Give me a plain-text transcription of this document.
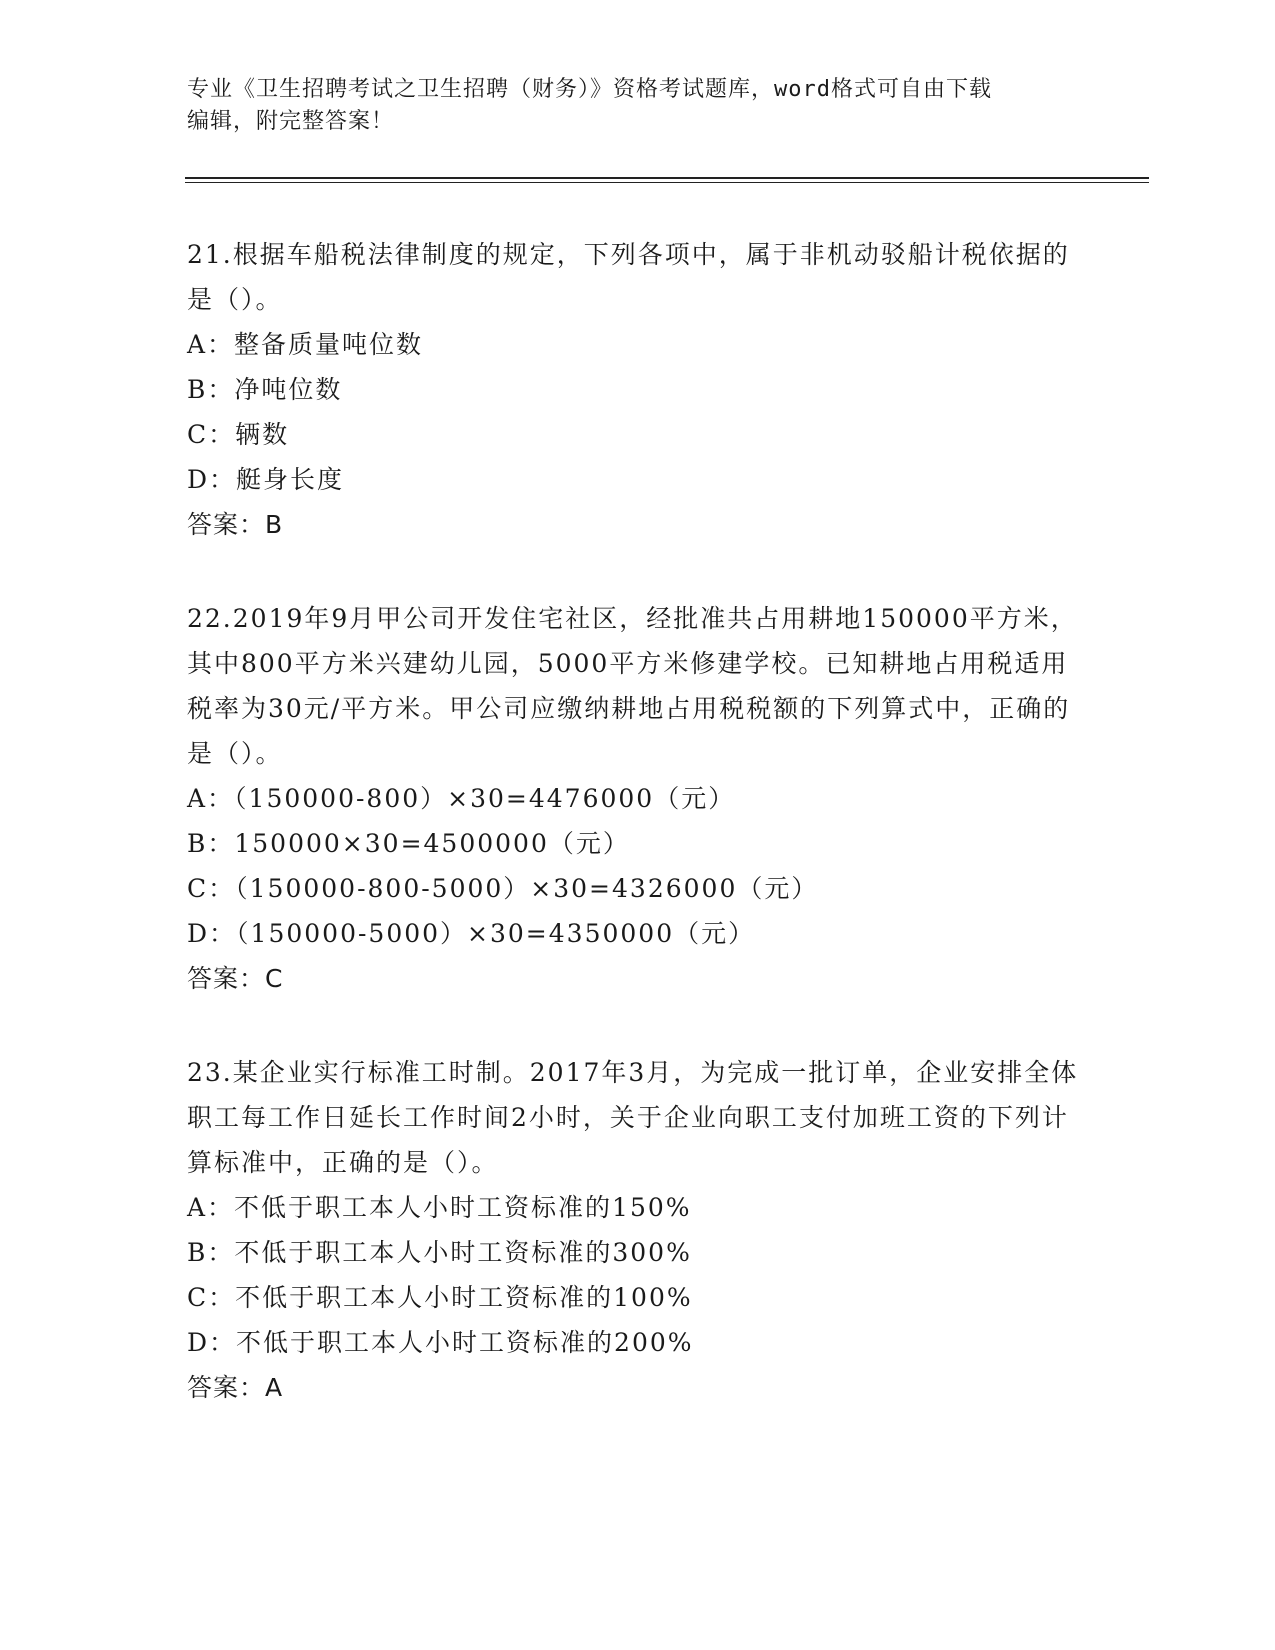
专业《卫生招聘考试之卫生招聘（财务）》资格考试题库，word格式可自由下载
编辑，附完整答案！

21.根据车船税法律制度的规定，下列各项中，属于非机动驳船计税依据的是（）。

A：整备质量吨位数

B：净吨位数

C：辆数

D：艇身长度

答案：B

22.2019年9月甲公司开发住宅社区，经批准共占用耕地150000平方米，其中800平方米兴建幼儿园，5000平方米修建学校。已知耕地占用税适用税率为30元/平方米。甲公司应缴纳耕地占用税税额的下列算式中，正确的是（）。

A：（150000-800）×30=4476000（元）

B：150000×30=4500000（元）

C：（150000-800-5000）×30=4326000（元）

D：（150000-5000）×30=4350000（元）

答案：C

23.某企业实行标准工时制。2017年3月，为完成一批订单，企业安排全体职工每工作日延长工作时间2小时，关于企业向职工支付加班工资的下列计算标准中，正确的是（）。

A：不低于职工本人小时工资标准的150%

B：不低于职工本人小时工资标准的300%

C：不低于职工本人小时工资标准的100%

D：不低于职工本人小时工资标准的200%

答案：A
